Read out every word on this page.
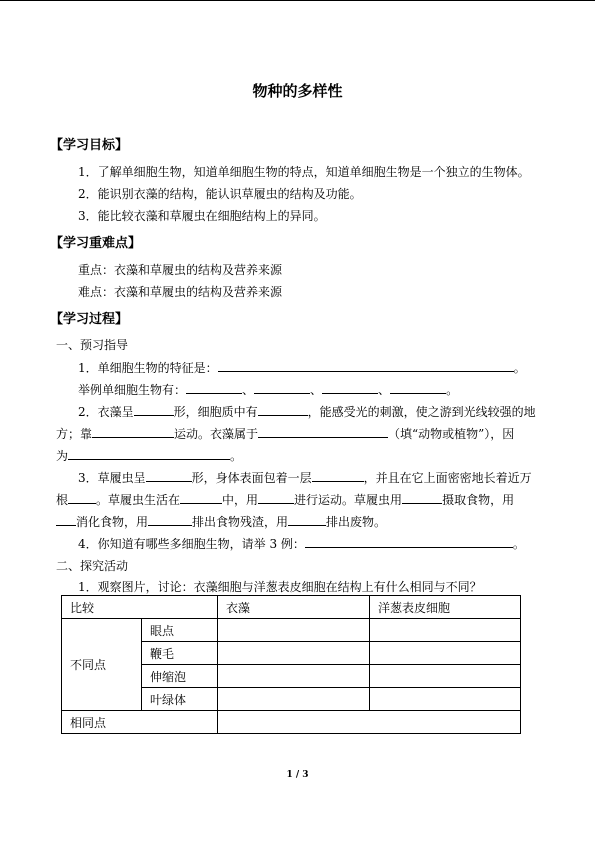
物种的多样性
【学习目标】
1．了解单细胞生物，知道单细胞生物的特点，知道单细胞生物是一个独立的生物体。
2．能识别衣藻的结构，能认识草履虫的结构及功能。
3．能比较衣藻和草履虫在细胞结构上的异同。
【学习重难点】
重点：衣藻和草履虫的结构及营养来源
难点：衣藻和草履虫的结构及营养来源
【学习过程】
一、预习指导
1．单细胞生物的特征是：	。
举例单细胞生物有：	、	、	、	。
2．衣藻呈	形，细胞质中有	，能感受光的刺激，使之游到光线较强的地
方；靠	运动。衣藻属于	（填“动物或植物”），因
为	。
3．草履虫呈	形，身体表面包着一层	，并且在它上面密密地长着近万
根 。草履虫生活在	中，用	进行运动。草履虫用	摄取食物，用
消化食物，用	排出食物残渣，用	排出废物。
4．你知道有哪些多细胞生物，请举 3 例：	。
二、探究活动
1．观察图片，讨论：衣藻细胞与洋葱表皮细胞在结构上有什么相同与不同？
比较		衣藻	洋葱表皮细胞
不同点	眼点		
	鞭毛		
	伸缩泡		
	叶绿体		
相同点			
1 / 3
